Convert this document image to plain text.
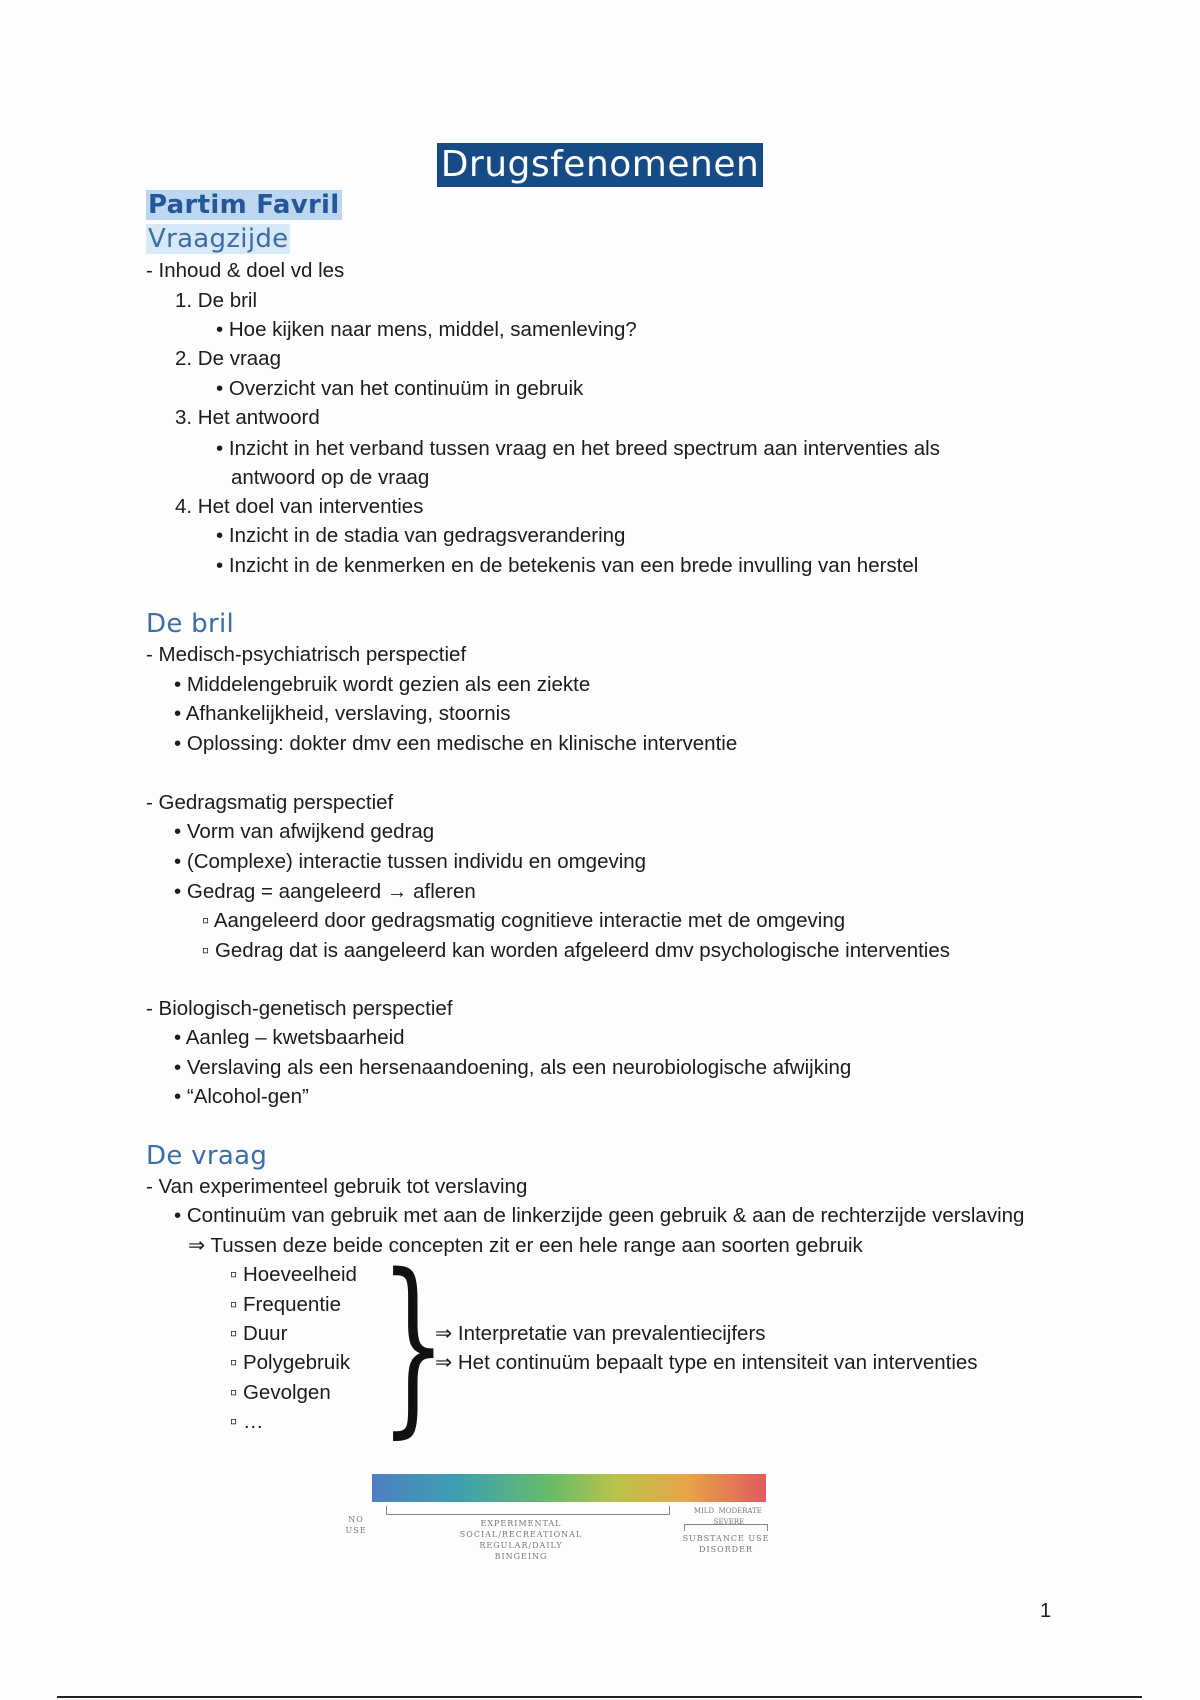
Drugsfenomenen
Partim Favril
Vraagzijde
- Inhoud & doel vd les
1. De bril
• Hoe kijken naar mens, middel, samenleving?
2. De vraag
• Overzicht van het continuüm in gebruik
3. Het antwoord
• Inzicht in het verband tussen vraag en het breed spectrum aan interventies als
antwoord op de vraag
4. Het doel van interventies
• Inzicht in de stadia van gedragsverandering
• Inzicht in de kenmerken en de betekenis van een brede invulling van herstel
De bril
- Medisch-psychiatrisch perspectief
• Middelengebruik wordt gezien als een ziekte
• Afhankelijkheid, verslaving, stoornis
• Oplossing: dokter dmv een medische en klinische interventie
- Gedragsmatig perspectief
• Vorm van afwijkend gedrag
• (Complexe) interactie tussen individu en omgeving
• Gedrag = aangeleerd → afleren
▫ Aangeleerd door gedragsmatig cognitieve interactie met de omgeving
▫ Gedrag dat is aangeleerd kan worden afgeleerd dmv psychologische interventies
- Biologisch-genetisch perspectief
• Aanleg – kwetsbaarheid
• Verslaving als een hersenaandoening, als een neurobiologische afwijking
• “Alcohol-gen”
De vraag
- Van experimenteel gebruik tot verslaving
• Continuüm van gebruik met aan de linkerzijde geen gebruik & aan de rechterzijde verslaving
⇒ Tussen deze beide concepten zit er een hele range aan soorten gebruik
▫ Hoeveelheid
▫ Frequentie
▫ Duur
▫ Polygebruik
▫ Gevolgen
▫ … }
⇒ Interpretatie van prevalentiecijfers
⇒ Het continuüm bepaalt type en intensiteit van interventies
NO USE
EXPERIMENTAL
SOCIAL/RECREATIONAL
REGULAR/DAILY
BINGEING
MILD MODERATE  SEVERE
SUBSTANCE USE
DISORDER
1
